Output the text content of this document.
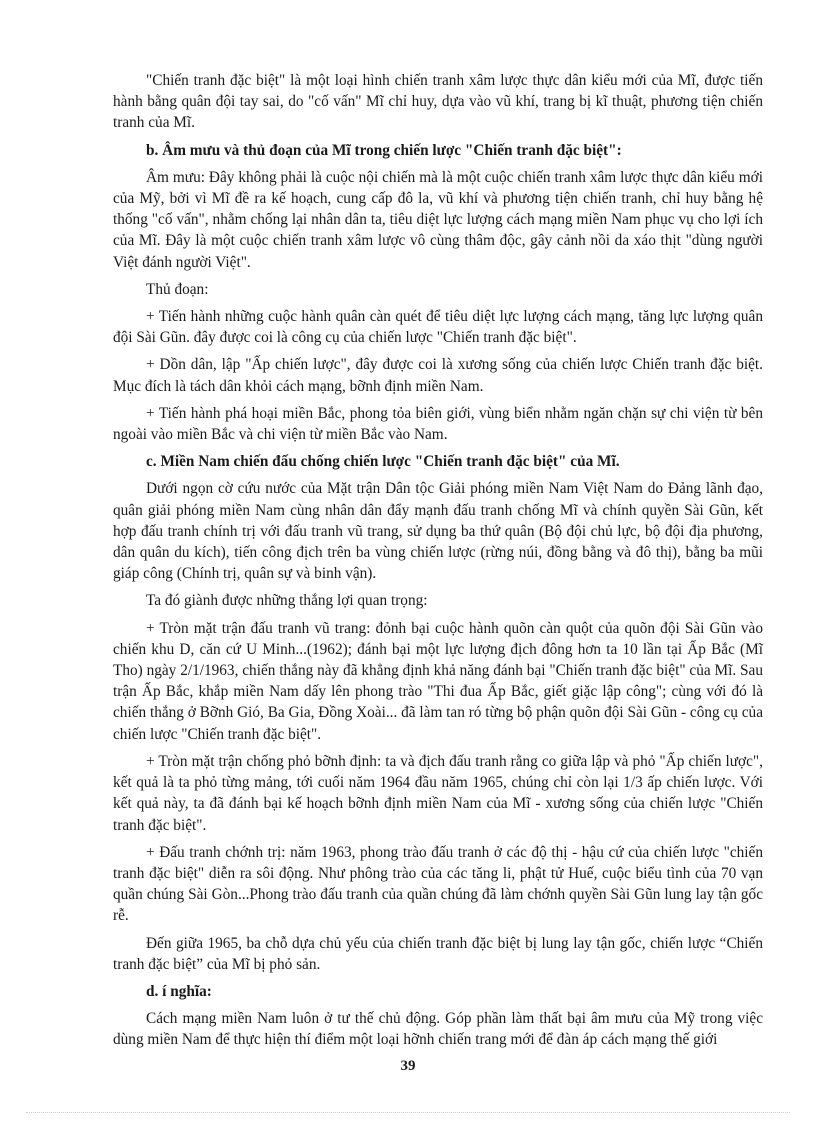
"Chiến tranh đặc biệt" là một loại hình chiến tranh xâm lược thực dân kiểu mới của Mĩ, được tiến hành bằng quân đội tay sai, do "cố vấn" Mĩ chỉ huy, dựa vào vũ khí, trang bị kĩ thuật, phương tiện chiến tranh của Mĩ.

b. Âm mưu và thủ đoạn của Mĩ trong chiến lược "Chiến tranh đặc biệt":

Âm mưu: Đây không phải là cuộc nội chiến mà là một cuộc chiến tranh xâm lược thực dân kiểu mới của Mỹ, bởi vì Mĩ đề ra kế hoạch, cung cấp đô la, vũ khí và phương tiện chiến tranh, chỉ huy bằng hệ thống "cố vấn", nhằm chống lại nhân dân ta, tiêu diệt lực lượng cách mạng miền Nam phục vụ cho lợi ích của Mĩ. Đây là một cuộc chiến tranh xâm lược vô cùng thâm độc, gây cảnh nồi da xáo thịt "dùng người Việt đánh người Việt".

Thủ đoạn:

+ Tiến hành những cuộc hành quân càn quét để tiêu diệt lực lượng cách mạng, tăng lực lượng quân đội Sài Gũn. đây được coi là công cụ của chiến lược "Chiến tranh đặc biệt".

+ Dồn dân, lập "Ấp chiến lược", đây được coi là xương sống của chiến lược Chiến tranh đặc biệt. Mục đích là tách dân khỏi cách mạng, bỡnh định miền Nam.

+ Tiến hành phá hoại miền Bắc, phong tỏa biên giới, vùng biển nhằm ngăn chặn sự chi viện từ bên ngoài vào miền Bắc và chi viện từ miền Bắc vào Nam.

c. Miền Nam chiến đấu chống chiến lược "Chiến tranh đặc biệt" của Mĩ.

Dưới ngọn cờ cứu nước của Mặt trận Dân tộc Giải phóng miền Nam Việt Nam do Đảng lãnh đạo, quân giải phóng miền Nam cùng nhân dân đẩy mạnh đấu tranh chống Mĩ và chính quyền Sài Gũn, kết hợp đấu tranh chính trị với đấu tranh vũ trang, sử dụng ba thứ quân (Bộ đội chủ lực, bộ đội địa phương, dân quân du kích), tiến công địch trên ba vùng chiến lược (rừng núi, đồng bằng và đô thị), bằng ba mũi giáp công (Chính trị, quân sự và binh vận).

Ta đó giành được những thắng lợi quan trọng:

+ Tròn mặt trận đấu tranh vũ trang: đỏnh bại cuộc hành quõn càn quột của quõn đội Sài Gũn vào chiến khu D, căn cứ U Minh...(1962); đánh bại một lực lượng địch đông hơn ta 10 lần tại Ấp Bắc (Mĩ Tho) ngày 2/1/1963, chiến thắng này đã khẳng định khả năng đánh bại "Chiến tranh đặc biệt" của Mĩ. Sau trận Ấp Bắc, khắp miền Nam dấy lên phong trào "Thi đua Ấp Bắc, giết giặc lập công"; cùng với đó là chiến thắng ở Bỡnh Gió, Ba Gia, Đồng Xoài... đã làm tan ró từng bộ phận quõn đội Sài Gũn - công cụ của chiến lược "Chiến tranh đặc biệt".

+ Tròn mặt trận chống phỏ bỡnh định: ta và địch đấu tranh rằng co giữa lập và phỏ "Ấp chiến lược", kết quả là ta phỏ từng mảng, tới cuối năm 1964 đầu năm 1965, chúng chỉ còn lại 1/3 ấp chiến lược. Với kết quả này, ta đã đánh bại kế hoạch bỡnh định miền Nam của Mĩ - xương sống của chiến lược "Chiến tranh đặc biệt".

+ Đấu tranh chớnh trị: năm 1963, phong trào đấu tranh ở các độ thị - hậu cứ của chiến lược "chiến tranh đặc biệt" diễn ra sôi động. Như phông trào của các tăng li, phật tử Huế, cuộc biểu tình của 70 vạn quần chúng Sài Gòn...Phong trào đấu tranh của quần chúng đã làm chớnh quyền Sài Gũn lung lay tận gốc rễ.

Đến giữa 1965, ba chỗ dựa chủ yếu của chiến tranh đặc biệt bị lung lay tận gốc, chiến lược “Chiến tranh đặc biệt” của Mĩ bị phỏ sản.

d. í nghĩa:

Cách mạng miền Nam luôn ở tư thế chủ động. Góp phần làm thất bại âm mưu của Mỹ trong việc dùng miền Nam để thực hiện thí điểm một loại hỡnh chiến trang mới để đàn áp cách mạng thế giới

39
